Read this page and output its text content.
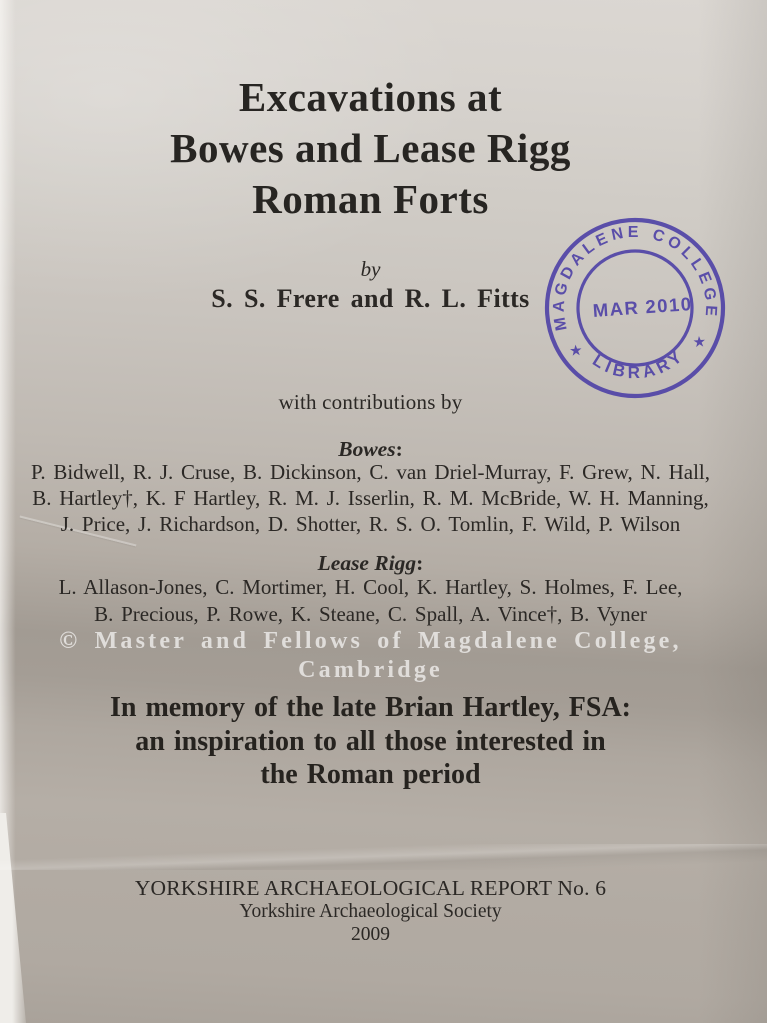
Excavations at
Bowes and Lease Rigg
Roman Forts
by
S. S. Frere and R. L. Fitts
MAGDALENE COLLEGE
LIBRARY
★	★
MAR 2010
with contributions by
Bowes:
P. Bidwell, R. J. Cruse, B. Dickinson, C. van Driel-Murray, F. Grew, N. Hall,
B. Hartley†, K. F Hartley, R. M. J. Isserlin, R. M. McBride, W. H. Manning,
J. Price, J. Richardson, D. Shotter, R. S. O. Tomlin, F. Wild, P. Wilson
Lease Rigg:
L. Allason-Jones, C. Mortimer, H. Cool, K. Hartley, S. Holmes, F. Lee,
B. Precious, P. Rowe, K. Steane, C. Spall, A. Vince†, B. Vyner
© Master and Fellows of Magdalene College,
Cambridge
In memory of the late Brian Hartley, FSA:
an inspiration to all those interested in
the Roman period
YORKSHIRE ARCHAEOLOGICAL REPORT No. 6
Yorkshire Archaeological Society
2009
